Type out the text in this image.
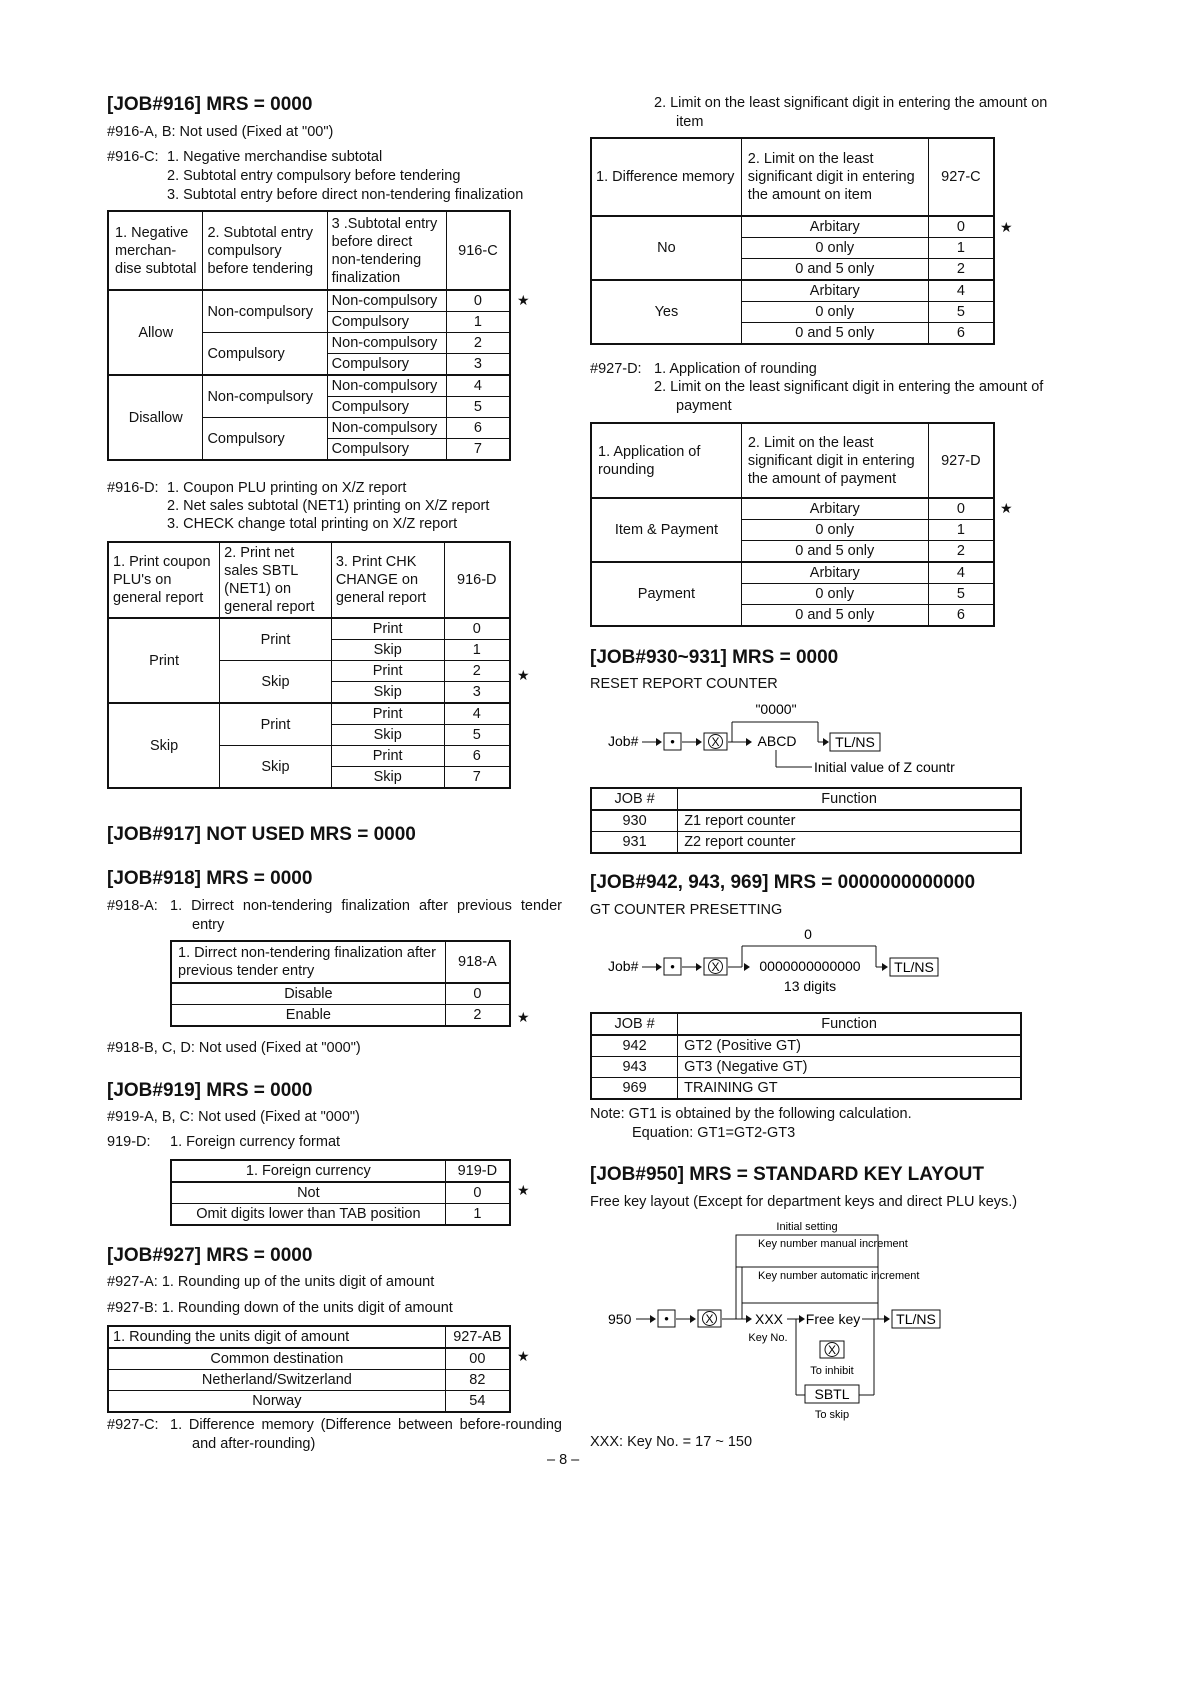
[JOB#916] MRS = 0000
#916-A, B: Not used (Fixed at "00")
#916-C: 1. Negative merchandise subtotal
2. Subtotal entry compulsory before tendering
3. Subtotal entry before direct non-tendering finalization
1. Negative merchan-dise subtotal	2. Subtotal entry compulsory before tendering	3 .Subtotal entry before direct non-tendering finalization	916-C
Allow	Non-compulsory	Non-compulsory	0
		Compulsory	1
	Compulsory	Non-compulsory	2
		Compulsory	3
Disallow	Non-compulsory	Non-compulsory	4
		Compulsory	5
	Compulsory	Non-compulsory	6
		Compulsory	7
★
#916-D: 1. Coupon PLU printing on X/Z report
2. Net sales subtotal (NET1) printing on X/Z report
3. CHECK change total printing on X/Z report
1. Print coupon PLU's on general report	2. Print net sales SBTL (NET1) on general report	3. Print CHK CHANGE on general report	916-D
Print	Print	Print	0
		Skip	1
	Skip	Print	2
		Skip	3
Skip	Print	Print	4
		Skip	5
	Skip	Print	6
		Skip	7
★
[JOB#917] NOT USED MRS = 0000
[JOB#918] MRS = 0000
#918-A: 1. Dirrect non-tendering finalization after previous tender entry
1. Dirrect non-tendering finalization after previous tender entry	918-A
Disable	0
Enable	2	★
#918-B, C, D: Not used (Fixed at "000")
[JOB#919] MRS = 0000
#919-A, B, C: Not used (Fixed at "000")
919-D: 1. Foreign currency format
1. Foreign currency	919-D
Not	0
Omit digits lower than TAB position	1
★
[JOB#927] MRS = 0000
#927-A: 1. Rounding up of the units digit of amount
#927-B: 1. Rounding down of the units digit of amount
1. Rounding the units digit of amount	927-AB
Common destination	00
Netherland/Switzerland	82
Norway	54
★
#927-C: 1. Difference memory (Difference between before-rounding and after-rounding)
2. Limit on the least significant digit in entering the amount on item
1. Difference memory	2. Limit on the least significant digit in entering the amount on item	927-C
No	Arbitary	0
	0 only	1
	0 and 5 only	2
Yes	Arbitary	4
	0 only	5
	0 and 5 only	6
★
#927-D: 1. Application of rounding
2. Limit on the least significant digit in entering the amount of payment
1. Application of rounding	2. Limit on the least significant digit in entering the amount of payment	927-D
Item & Payment	Arbitary	0
	0 only	1
	0 and 5 only	2
Payment	Arbitary	4
	0 only	5
	0 and 5 only	6
★
[JOB#930~931] MRS = 0000
RESET REPORT COUNTER
Job# •	X
"0000"
ABCD	TL/NS
Initial value of Z countr
JOB #	Function
930	Z1 report counter
931	Z2 report counter
[JOB#942, 943, 969] MRS = 0000000000000
GT COUNTER PRESETTING
Job# •	X
0
0000000000000 TL/NS
13 digits
JOB #	Function
942	GT2 (Positive GT)
943	GT3 (Negative GT)
969	TRAINING GT
Note: GT1 is obtained by the following calculation.
Equation: GT1=GT2-GT3
[JOB#950] MRS = STANDARD KEY LAYOUT
Free key layout (Except for department keys and direct PLU keys.)
Initial setting
Key number manual increment
Key number automatic increment
950	•	X	XXX
Key No.
Free key	TL/NS
X
To inhibit
SBTL
To skip
XXX: Key No. = 17 ~ 150
– 8 –
